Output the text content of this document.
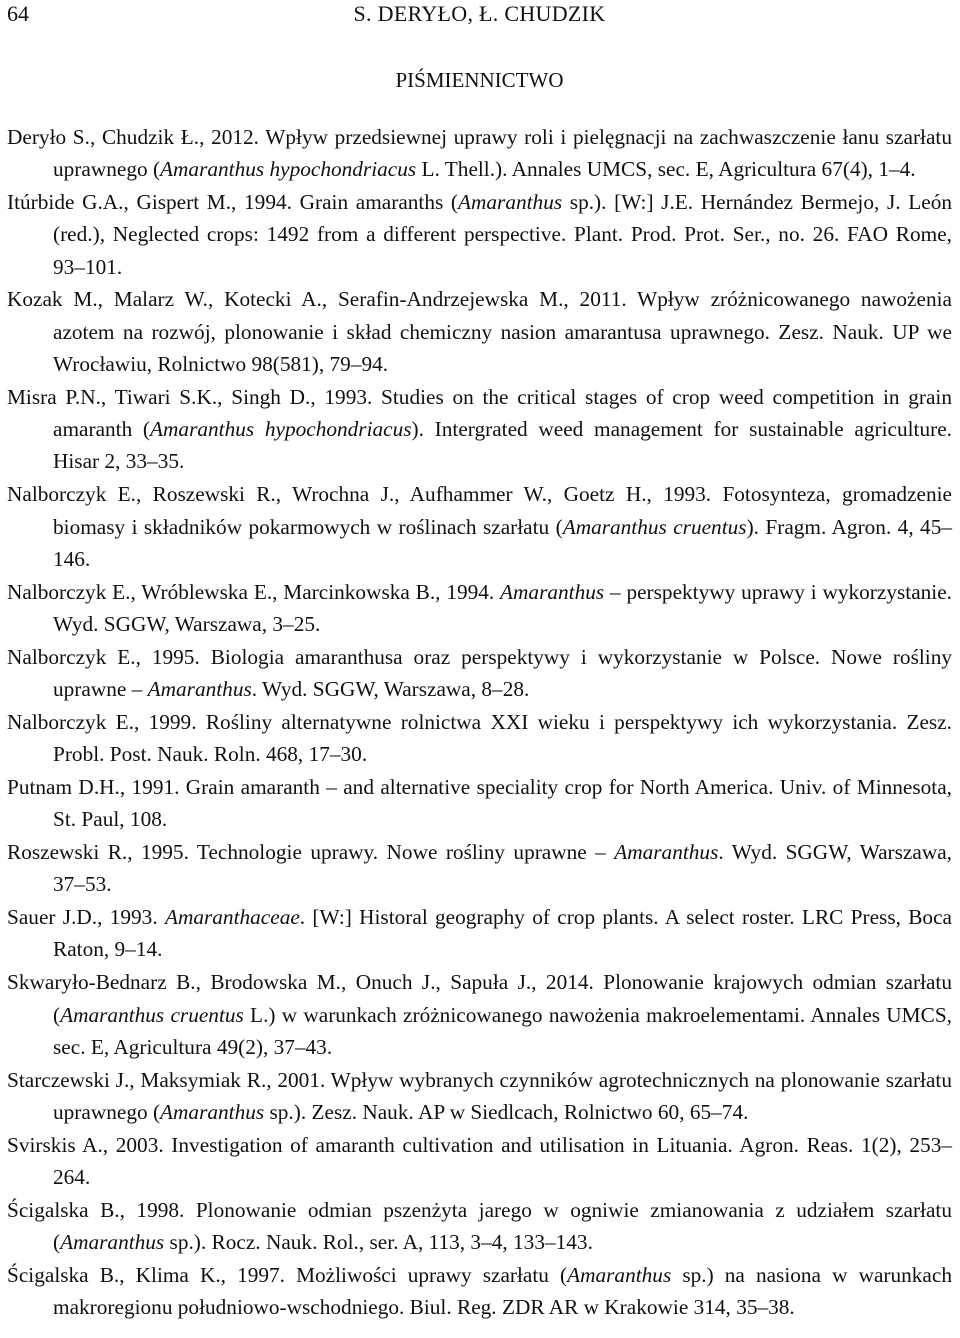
64	S. DERYŁO, Ł. CHUDZIK
PIŚMIENNICTWO
Deryło S., Chudzik Ł., 2012. Wpływ przedsiewnej uprawy roli i pielęgnacji na zachwaszczenie łanu szarłatu uprawnego (Amaranthus hypochondriacus L. Thell.). Annales UMCS, sec. E, Agricultura 67(4), 1–4.
Itúrbide G.A., Gispert M., 1994. Grain amaranths (Amaranthus sp.). [W:] J.E. Hernández Bermejo, J. León (red.), Neglected crops: 1492 from a different perspective. Plant. Prod. Prot. Ser., no. 26. FAO Rome, 93–101.
Kozak M., Malarz W., Kotecki A., Serafin-Andrzejewska M., 2011. Wpływ zróżnicowanego nawożenia azotem na rozwój, plonowanie i skład chemiczny nasion amarantusa uprawnego. Zesz. Nauk. UP we Wrocławiu, Rolnictwo 98(581), 79–94.
Misra P.N., Tiwari S.K., Singh D., 1993. Studies on the critical stages of crop weed competition in grain amaranth (Amaranthus hypochondriacus). Intergrated weed management for sustainable agriculture. Hisar 2, 33–35.
Nalborczyk E., Roszewski R., Wrochna J., Aufhammer W., Goetz H., 1993. Fotosynteza, gromadzenie biomasy i składników pokarmowych w roślinach szarłatu (Amaranthus cruentus). Fragm. Agron. 4, 45–146.
Nalborczyk E., Wróblewska E., Marcinkowska B., 1994. Amaranthus – perspektywy uprawy i wykorzystanie. Wyd. SGGW, Warszawa, 3–25.
Nalborczyk E., 1995. Biologia amaranthusa oraz perspektywy i wykorzystanie w Polsce. Nowe rośliny uprawne – Amaranthus. Wyd. SGGW, Warszawa, 8–28.
Nalborczyk E., 1999. Rośliny alternatywne rolnictwa XXI wieku i perspektywy ich wykorzystania. Zesz. Probl. Post. Nauk. Roln. 468, 17–30.
Putnam D.H., 1991. Grain amaranth – and alternative speciality crop for North America. Univ. of Minnesota, St. Paul, 108.
Roszewski R., 1995. Technologie uprawy. Nowe rośliny uprawne – Amaranthus. Wyd. SGGW, Warszawa, 37–53.
Sauer J.D., 1993. Amaranthaceae. [W:] Historal geography of crop plants. A select roster. LRC Press, Boca Raton, 9–14.
Skwaryło-Bednarz B., Brodowska M., Onuch J., Sapuła J., 2014. Plonowanie krajowych odmian szarłatu (Amaranthus cruentus L.) w warunkach zróżnicowanego nawożenia makroelementami. Annales UMCS, sec. E, Agricultura 49(2), 37–43.
Starczewski J., Maksymiak R., 2001. Wpływ wybranych czynników agrotechnicznych na plonowanie szarłatu uprawnego (Amaranthus sp.). Zesz. Nauk. AP w Siedlcach, Rolnictwo 60, 65–74.
Svirskis A., 2003. Investigation of amaranth cultivation and utilisation in Lituania. Agron. Reas. 1(2), 253–264.
Ścigalska B., 1998. Plonowanie odmian pszenżyta jarego w ogniwie zmianowania z udziałem szarłatu (Amaranthus sp.). Rocz. Nauk. Rol., ser. A, 113, 3–4, 133–143.
Ścigalska B., Klima K., 1997. Możliwości uprawy szarłatu (Amaranthus sp.) na nasiona w warunkach makroregionu południowo-wschodniego. Biul. Reg. ZDR AR w Krakowie 314, 35–38.
